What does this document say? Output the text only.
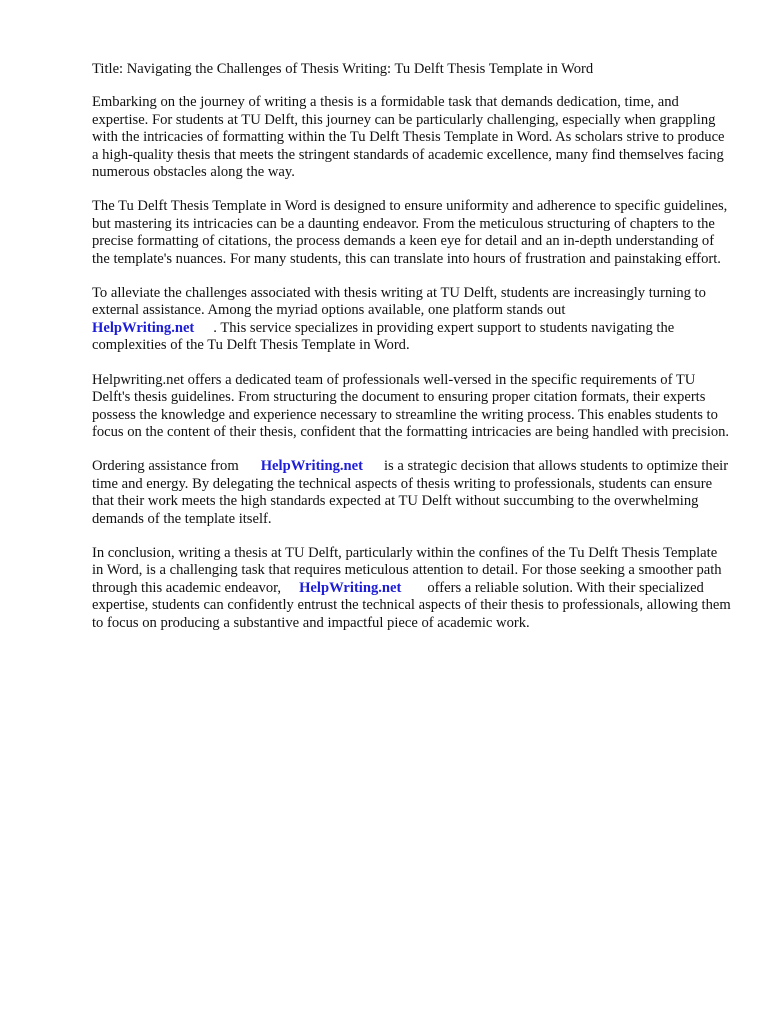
Title: Navigating the Challenges of Thesis Writing: Tu Delft Thesis Template in Word

Embarking on the journey of writing a thesis is a formidable task that demands dedication, time, and expertise. For students at TU Delft, this journey can be particularly challenging, especially when grappling with the intricacies of formatting within the Tu Delft Thesis Template in Word. As scholars strive to produce a high-quality thesis that meets the stringent standards of academic excellence, many find themselves facing numerous obstacles along the way.

The Tu Delft Thesis Template in Word is designed to ensure uniformity and adherence to specific guidelines, but mastering its intricacies can be a daunting endeavor. From the meticulous structuring of chapters to the precise formatting of citations, the process demands a keen eye for detail and an in-depth understanding of the template's nuances. For many students, this can translate into hours of frustration and painstaking effort.

To alleviate the challenges associated with thesis writing at TU Delft, students are increasingly turning to external assistance. Among the myriad options available, one platform stands out
HelpWriting.net . This service specializes in providing expert support to students navigating the complexities of the Tu Delft Thesis Template in Word.

Helpwriting.net offers a dedicated team of professionals well-versed in the specific requirements of TU Delft's thesis guidelines. From structuring the document to ensuring proper citation formats, their experts possess the knowledge and experience necessary to streamline the writing process. This enables students to focus on the content of their thesis, confident that the formatting intricacies are being handled with precision.

Ordering assistance from HelpWriting.net is a strategic decision that allows students to optimize their time and energy. By delegating the technical aspects of thesis writing to professionals, students can ensure that their work meets the high standards expected at TU Delft without succumbing to the overwhelming demands of the template itself.

In conclusion, writing a thesis at TU Delft, particularly within the confines of the Tu Delft Thesis Template in Word, is a challenging task that requires meticulous attention to detail. For those seeking a smoother path through this academic endeavor, HelpWriting.net offers a reliable solution. With their specialized expertise, students can confidently entrust the technical aspects of their thesis to professionals, allowing them to focus on producing a substantive and impactful piece of academic work.
